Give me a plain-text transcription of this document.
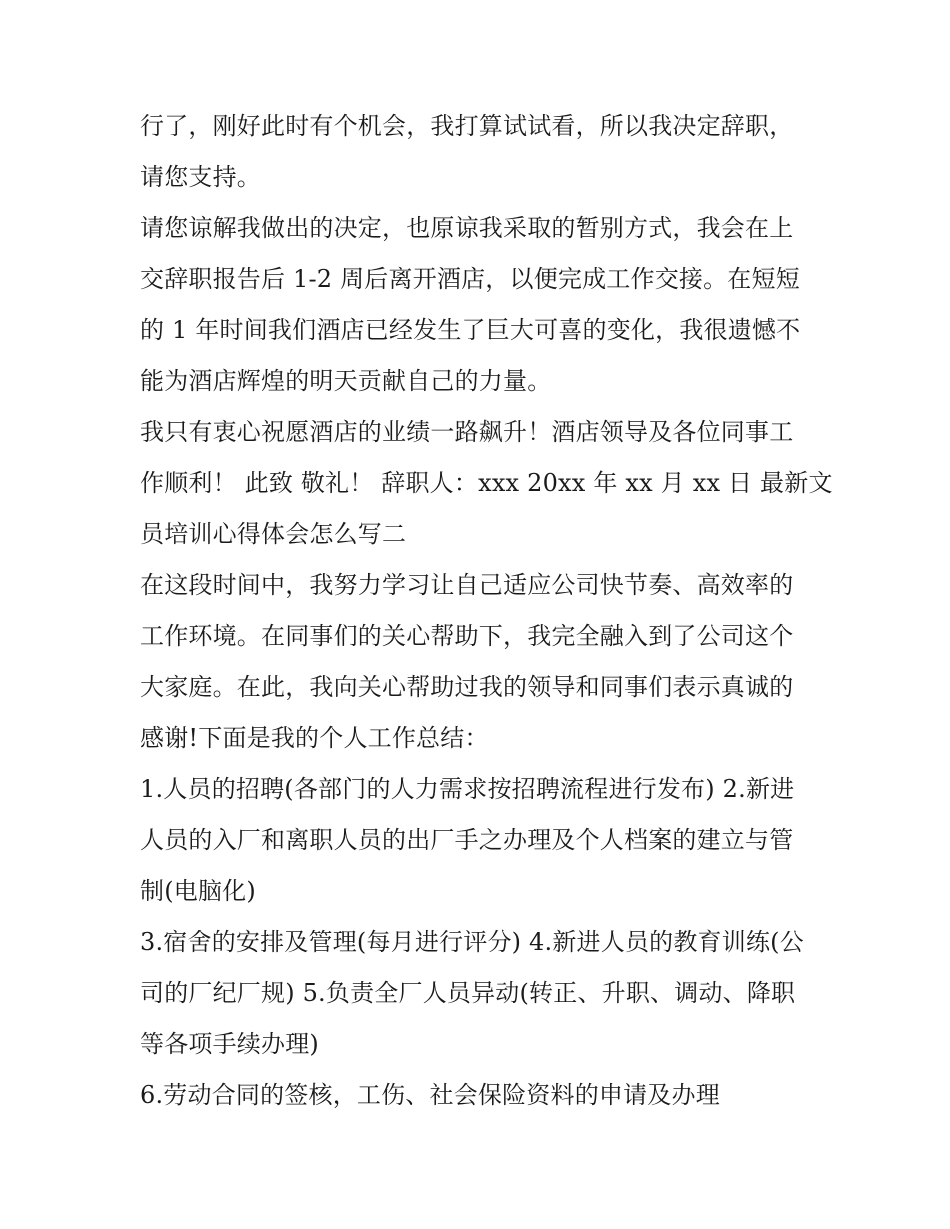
行了，刚好此时有个机会，我打算试试看，所以我决定辞职，
请您支持。
请您谅解我做出的决定，也原谅我采取的暂别方式，我会在上
交辞职报告后 1-2 周后离开酒店，以便完成工作交接。在短短
的 1 年时间我们酒店已经发生了巨大可喜的变化，我很遗憾不
能为酒店辉煌的明天贡献自己的力量。
我只有衷心祝愿酒店的业绩一路飙升！酒店领导及各位同事工
作顺利！ 此致 敬礼！ 辞职人：xxx 20xx 年 xx 月 xx 日 最新文
员培训心得体会怎么写二
在这段时间中，我努力学习让自己适应公司快节奏、高效率的
工作环境。在同事们的关心帮助下，我完全融入到了公司这个
大家庭。在此，我向关心帮助过我的领导和同事们表示真诚的
感谢!下面是我的个人工作总结：
1.人员的招聘(各部门的人力需求按招聘流程进行发布) 2.新进
人员的入厂和离职人员的出厂手之办理及个人档案的建立与管
制(电脑化)
3.宿舍的安排及管理(每月进行评分) 4.新进人员的教育训练(公
司的厂纪厂规) 5.负责全厂人员异动(转正、升职、调动、降职
等各项手续办理)
6.劳动合同的签核，工伤、社会保险资料的申请及办理
